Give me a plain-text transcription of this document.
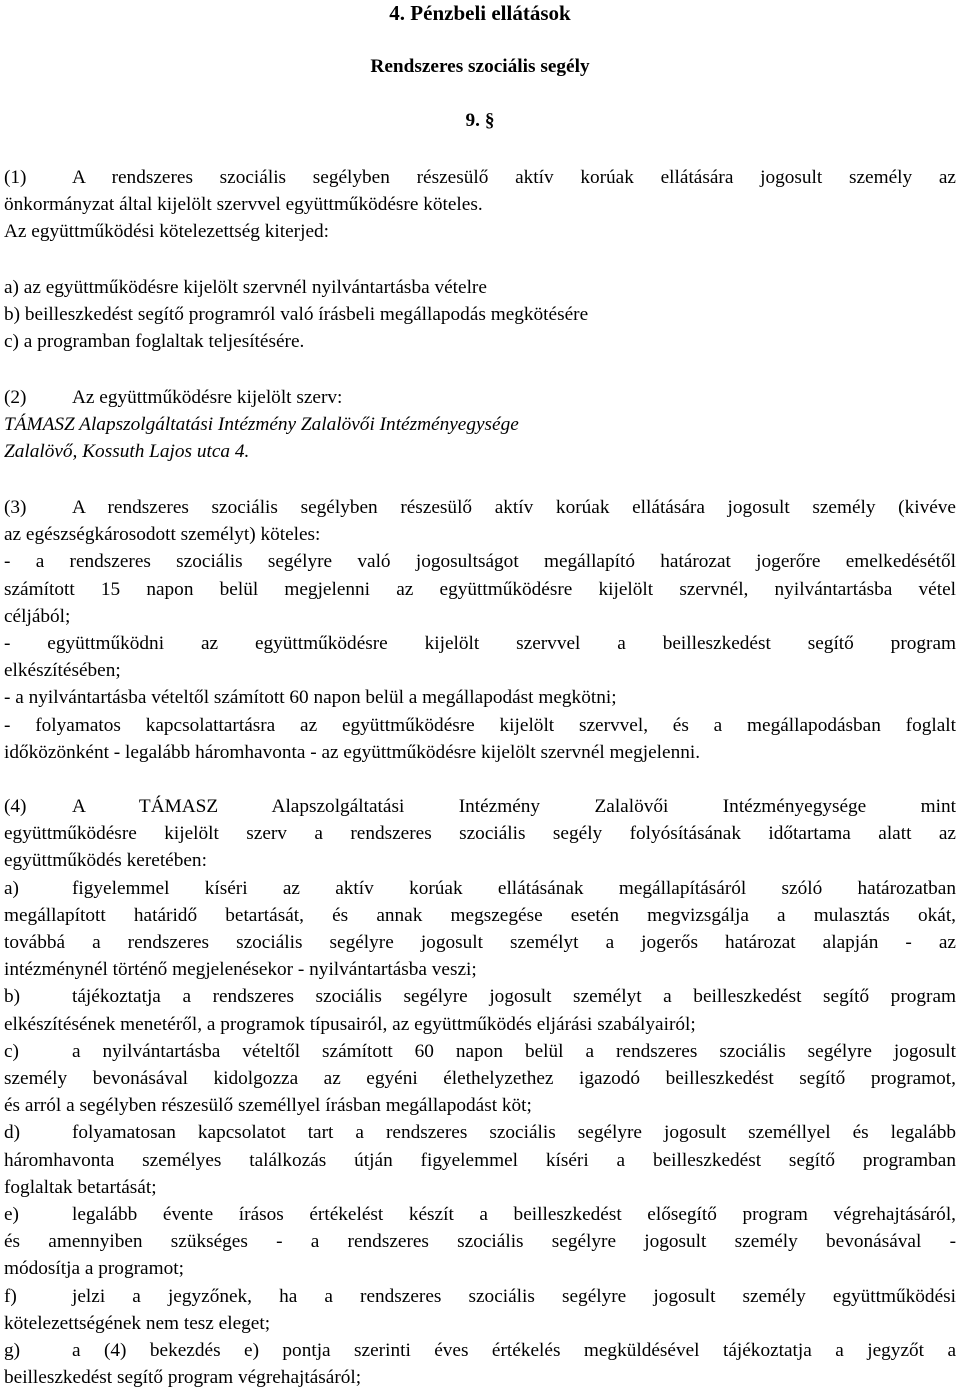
4. Pénzbeli ellátások

Rendszeres szociális segély

9. §

(1) A rendszeres szociális segélyben részesülő aktív korúak ellátására jogosult személy az

önkormányzat által kijelölt szervvel együttműködésre köteles.

Az együttműködési kötelezettség kiterjed:

a) az együttműködésre kijelölt szervnél nyilvántartásba vételre

b) beilleszkedést segítő programról való írásbeli megállapodás megkötésére

c) a programban foglaltak teljesítésére.

(2) Az együttműködésre kijelölt szerv:

TÁMASZ Alapszolgáltatási Intézmény Zalalövői Intézményegysége

Zalalövő, Kossuth Lajos utca 4.

(3) A rendszeres szociális segélyben részesülő aktív korúak ellátására jogosult személy (kivéve

az egészségkárosodott személyt) köteles:

- a rendszeres szociális segélyre való jogosultságot megállapító határozat jogerőre emelkedésétől

számított 15 napon belül megjelenni az együttműködésre kijelölt szervnél, nyilvántartásba vétel

céljából;

- együttműködni az együttműködésre kijelölt szervvel a beilleszkedést segítő program

elkészítésében;

- a nyilvántartásba vételtől számított 60 napon belül a megállapodást megkötni;

- folyamatos kapcsolattartásra az együttműködésre kijelölt szervvel, és a megállapodásban foglalt

időközönként - legalább háromhavonta - az együttműködésre kijelölt szervnél megjelenni.

(4) A TÁMASZ Alapszolgáltatási Intézmény Zalalövői Intézményegysége mint

együttműködésre kijelölt szerv a rendszeres szociális segély folyósításának időtartama alatt az

együttműködés keretében:

a)	figyelemmel kíséri az aktív korúak ellátásának megállapításáról szóló határozatban

megállapított határidő betartását, és annak megszegése esetén megvizsgálja a mulasztás okát,

továbbá a rendszeres szociális segélyre jogosult személyt a jogerős határozat alapján - az

intézménynél történő megjelenésekor - nyilvántartásba veszi;

b)	tájékoztatja a rendszeres szociális segélyre jogosult személyt a beilleszkedést segítő program

elkészítésének menetéről, a programok típusairól, az együttműködés eljárási szabályairól;

c)	a nyilvántartásba vételtől számított 60 napon belül a rendszeres szociális segélyre jogosult

személy bevonásával kidolgozza az egyéni élethelyzethez igazodó beilleszkedést segítő programot,

és arról a segélyben részesülő személlyel írásban megállapodást köt;

d)	folyamatosan kapcsolatot tart a rendszeres szociális segélyre jogosult személlyel és legalább

háromhavonta személyes találkozás útján figyelemmel kíséri a beilleszkedést segítő programban

foglaltak betartását;

e)	legalább évente írásos értékelést készít a beilleszkedést elősegítő program végrehajtásáról,

és amennyiben szükséges - a rendszeres szociális segélyre jogosult személy bevonásával -

módosítja a programot;

f)	jelzi a jegyzőnek, ha a rendszeres szociális segélyre jogosult személy együttműködési

kötelezettségének nem tesz eleget;

g)	a (4) bekezdés e) pontja szerinti éves értékelés megküldésével tájékoztatja a jegyzőt a

beilleszkedést segítő program végrehajtásáról;
